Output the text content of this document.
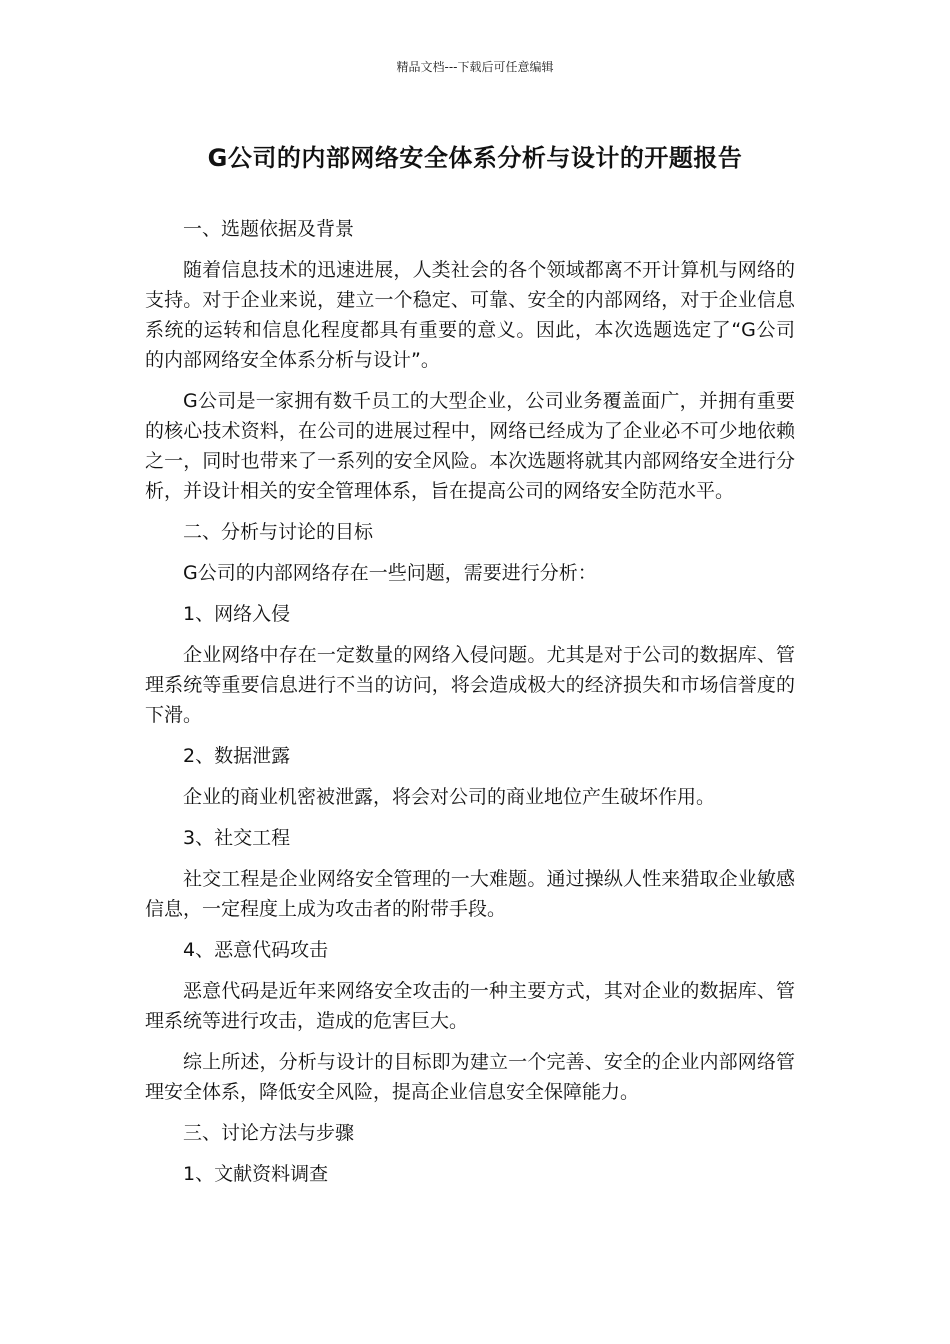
精品文档---下载后可任意编辑
G公司的内部网络安全体系分析与设计的开题报告

一、选题依据及背景

随着信息技术的迅速进展，人类社会的各个领域都离不开计算机与网络的支持。对于企业来说，建立一个稳定、可靠、安全的内部网络，对于企业信息系统的运转和信息化程度都具有重要的意义。因此，本次选题选定了“G公司的内部网络安全体系分析与设计”。

G公司是一家拥有数千员工的大型企业，公司业务覆盖面广，并拥有重要的核心技术资料，在公司的进展过程中，网络已经成为了企业必不可少地依赖之一，同时也带来了一系列的安全风险。本次选题将就其内部网络安全进行分析，并设计相关的安全管理体系，旨在提高公司的网络安全防范水平。

二、分析与讨论的目标

G公司的内部网络存在一些问题，需要进行分析：

1、网络入侵

企业网络中存在一定数量的网络入侵问题。尤其是对于公司的数据库、管理系统等重要信息进行不当的访问，将会造成极大的经济损失和市场信誉度的下滑。

2、数据泄露

企业的商业机密被泄露，将会对公司的商业地位产生破坏作用。

3、社交工程

社交工程是企业网络安全管理的一大难题。通过操纵人性来猎取企业敏感信息，一定程度上成为攻击者的附带手段。

4、恶意代码攻击

恶意代码是近年来网络安全攻击的一种主要方式，其对企业的数据库、管理系统等进行攻击，造成的危害巨大。

综上所述，分析与设计的目标即为建立一个完善、安全的企业内部网络管理安全体系，降低安全风险，提高企业信息安全保障能力。

三、讨论方法与步骤

1、文献资料调查
